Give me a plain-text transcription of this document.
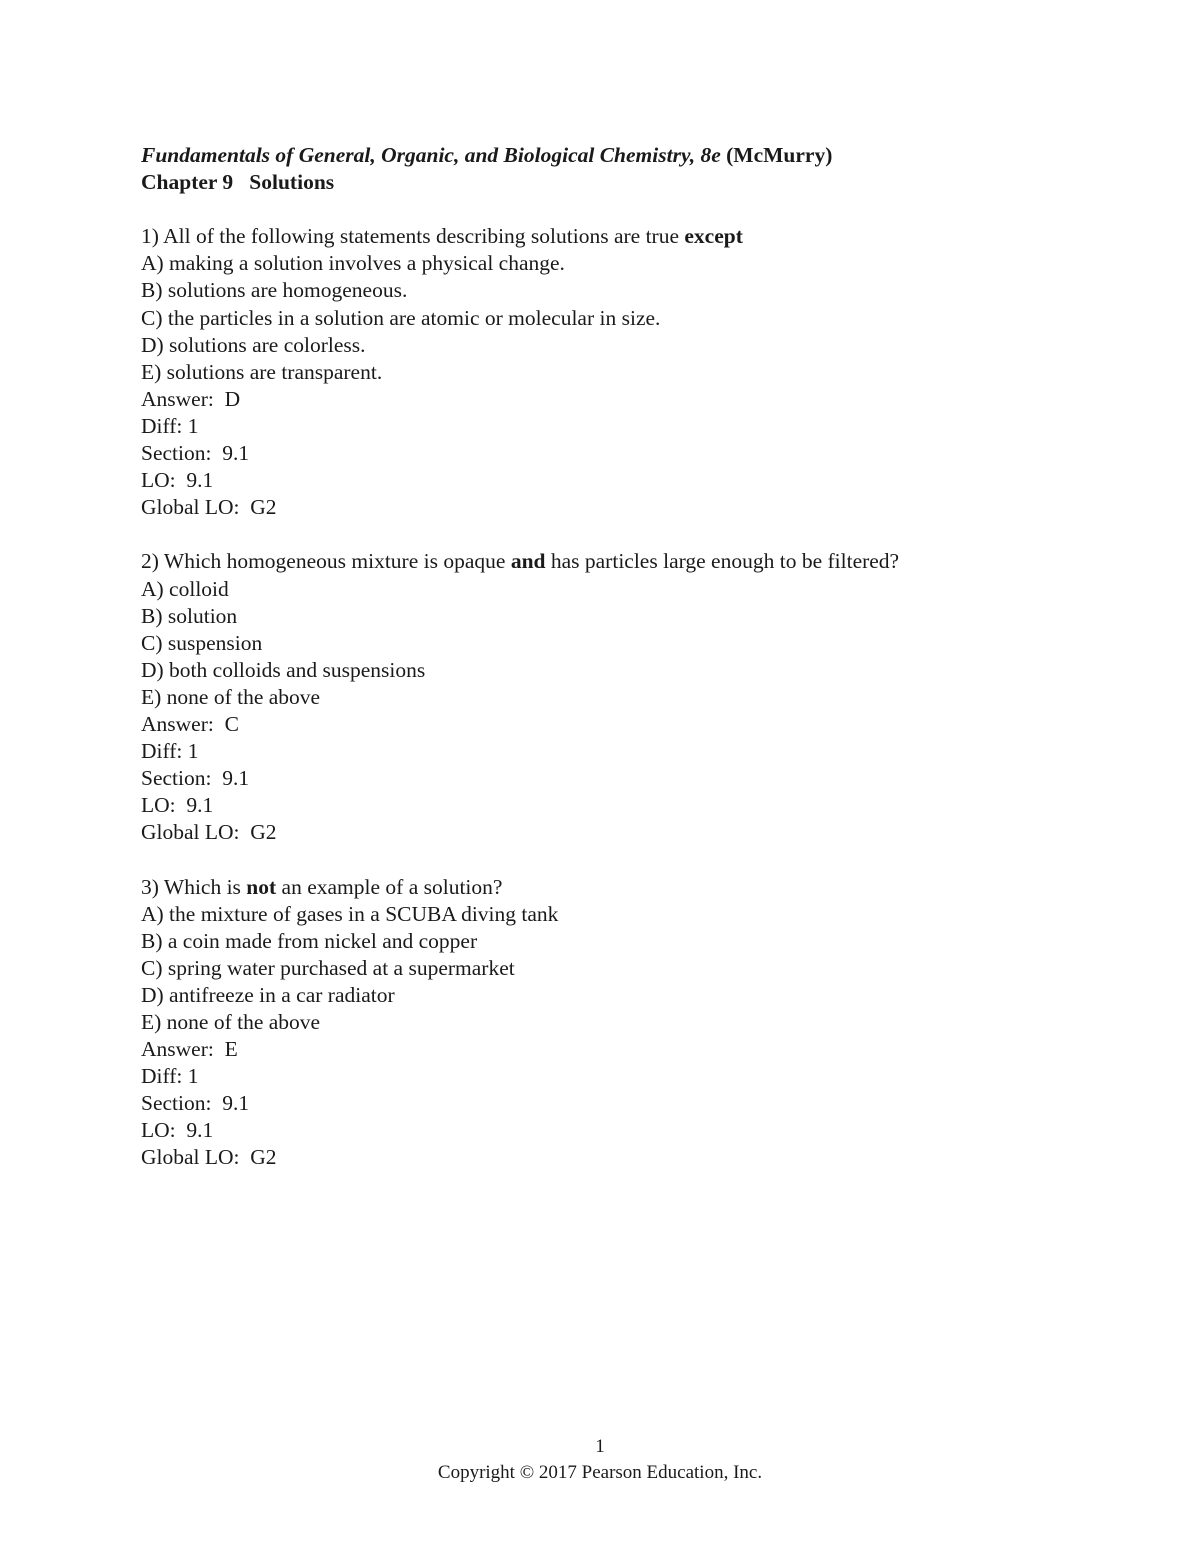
Fundamentals of General, Organic, and Biological Chemistry, 8e (McMurry)
Chapter 9   Solutions
1) All of the following statements describing solutions are true except
A) making a solution involves a physical change.
B) solutions are homogeneous.
C) the particles in a solution are atomic or molecular in size.
D) solutions are colorless.
E) solutions are transparent.
Answer:  D
Diff: 1
Section:  9.1
LO:  9.1
Global LO:  G2
2) Which homogeneous mixture is opaque and has particles large enough to be filtered?
A) colloid
B) solution
C) suspension
D) both colloids and suspensions
E) none of the above
Answer:  C
Diff: 1
Section:  9.1
LO:  9.1
Global LO:  G2
3) Which is not an example of a solution?
A) the mixture of gases in a SCUBA diving tank
B) a coin made from nickel and copper
C) spring water purchased at a supermarket
D) antifreeze in a car radiator
E) none of the above
Answer:  E
Diff: 1
Section:  9.1
LO:  9.1
Global LO:  G2
1
Copyright © 2017 Pearson Education, Inc.
